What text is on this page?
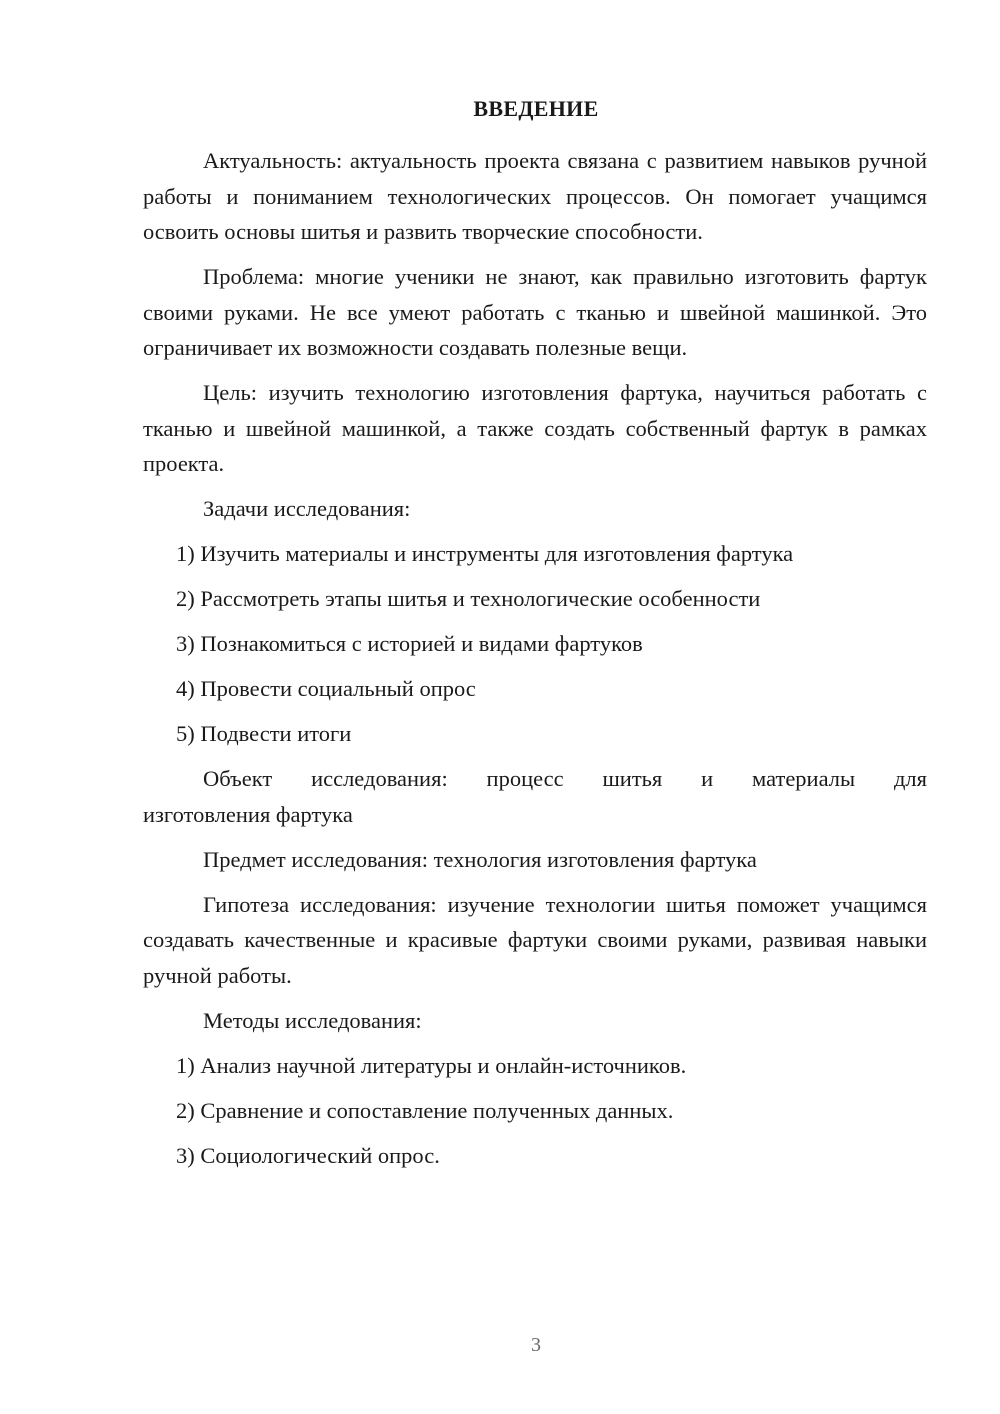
ВВЕДЕНИЕ

Актуальность: актуальность проекта связана с развитием навыков ручной работы и пониманием технологических процессов. Он помогает учащимся освоить основы шитья и развить творческие способности.

Проблема: многие ученики не знают, как правильно изготовить фартук своими руками. Не все умеют работать с тканью и швейной машинкой. Это ограничивает их возможности создавать полезные вещи.

Цель: изучить технологию изготовления фартука, научиться работать с тканью и швейной машинкой, а также создать собственный фартук в рамках проекта.

Задачи исследования:

1) Изучить материалы и инструменты для изготовления фартука
2) Рассмотреть этапы шитья и технологические особенности
3) Познакомиться с историей и видами фартуков
4) Провести социальный опрос
5) Подвести итоги

Объект исследования: процесс шитья и материалы для
изготовления фартука

Предмет исследования: технология изготовления фартука

Гипотеза исследования: изучение технологии шитья поможет учащимся создавать качественные и красивые фартуки своими руками, развивая навыки ручной работы.

Методы исследования:

1) Анализ научной литературы и онлайн-источников.
2) Сравнение и сопоставление полученных данных.
3) Социологический опрос.
3
